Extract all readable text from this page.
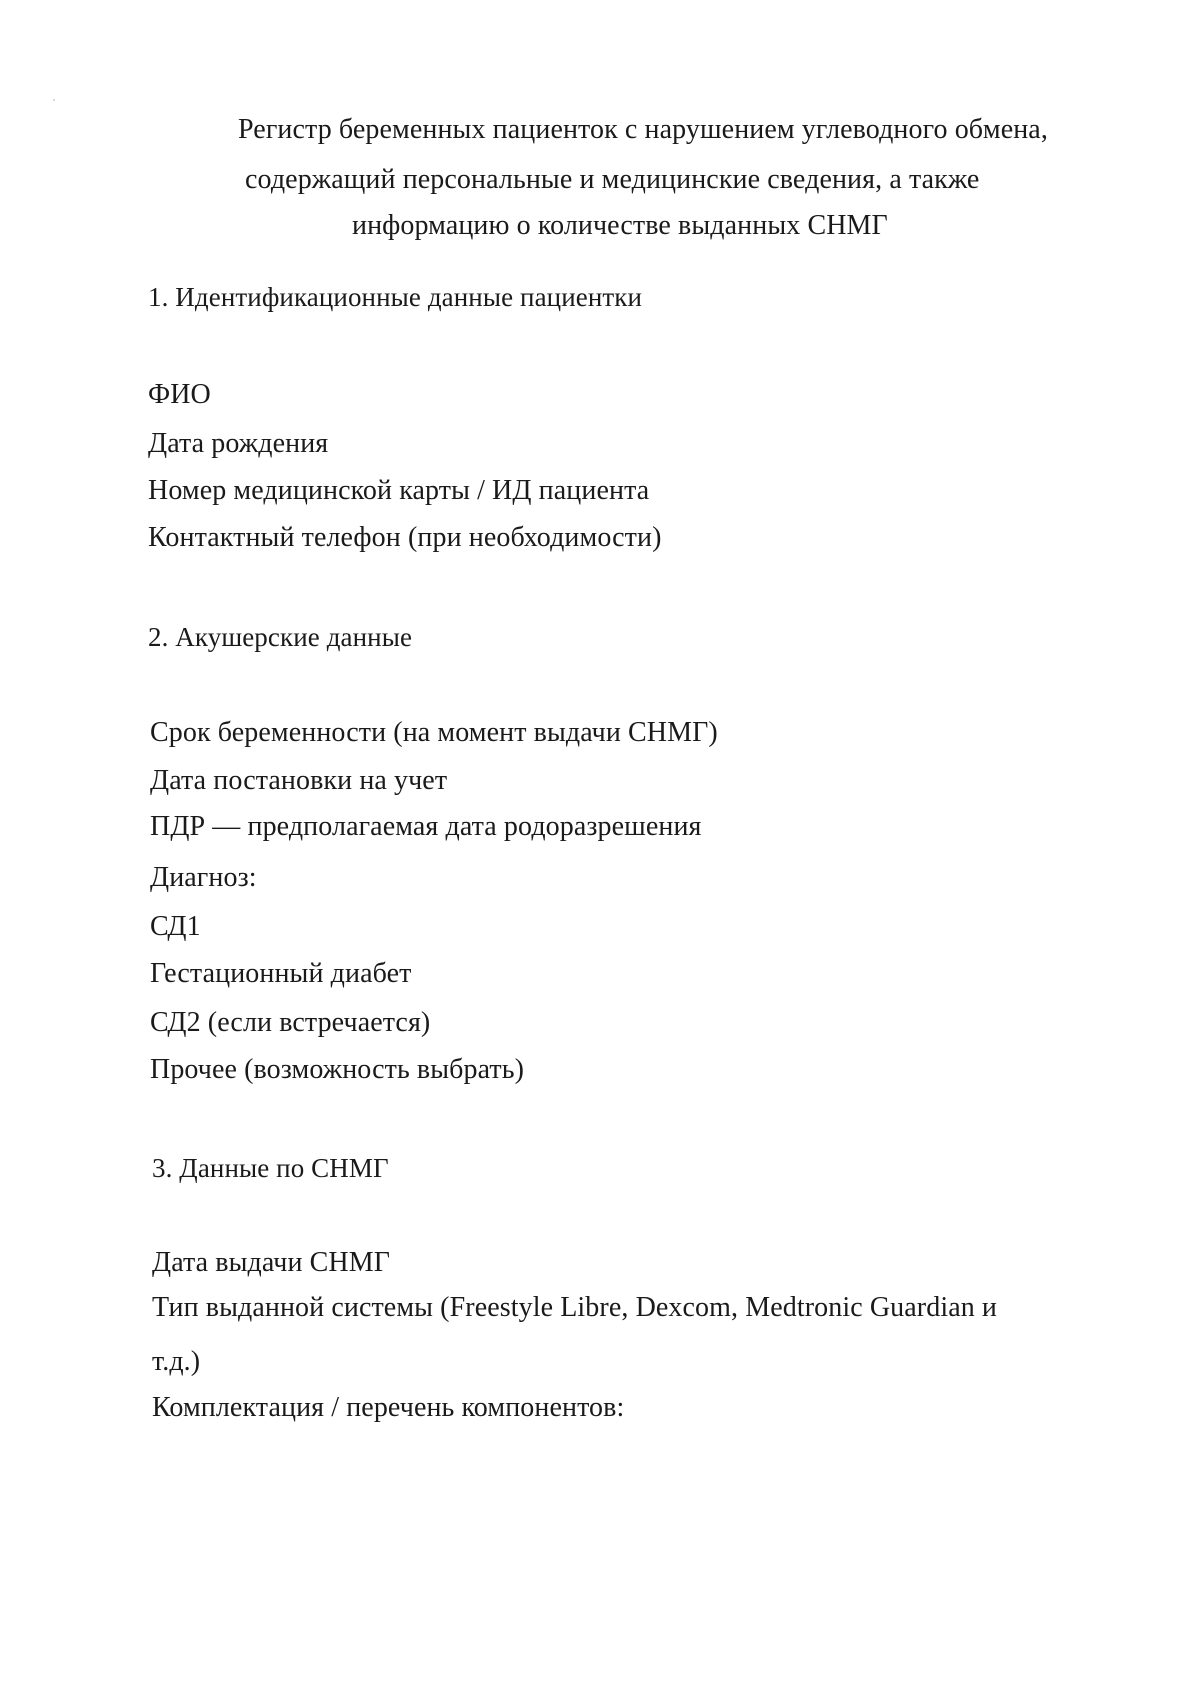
Регистр беременных пациенток с нарушением углеводного обмена,
содержащий персональные и медицинские сведения, а также
информацию о количестве выданных СНМГ
1. Идентификационные данные пациентки
ФИО
Дата рождения
Номер медицинской карты / ИД пациента
Контактный телефон (при необходимости)
2. Акушерские данные
Срок беременности (на момент выдачи СНМГ)
Дата постановки на учет
ПДР — предполагаемая дата родоразрешения
Диагноз:
СД1
Гестационный диабет
СД2 (если встречается)
Прочее (возможность выбрать)
3. Данные по СНМГ
Дата выдачи СНМГ
Тип выданной системы (Freestyle Libre, Dexcom, Medtronic Guardian и
т.д.)
Комплектация / перечень компонентов:
